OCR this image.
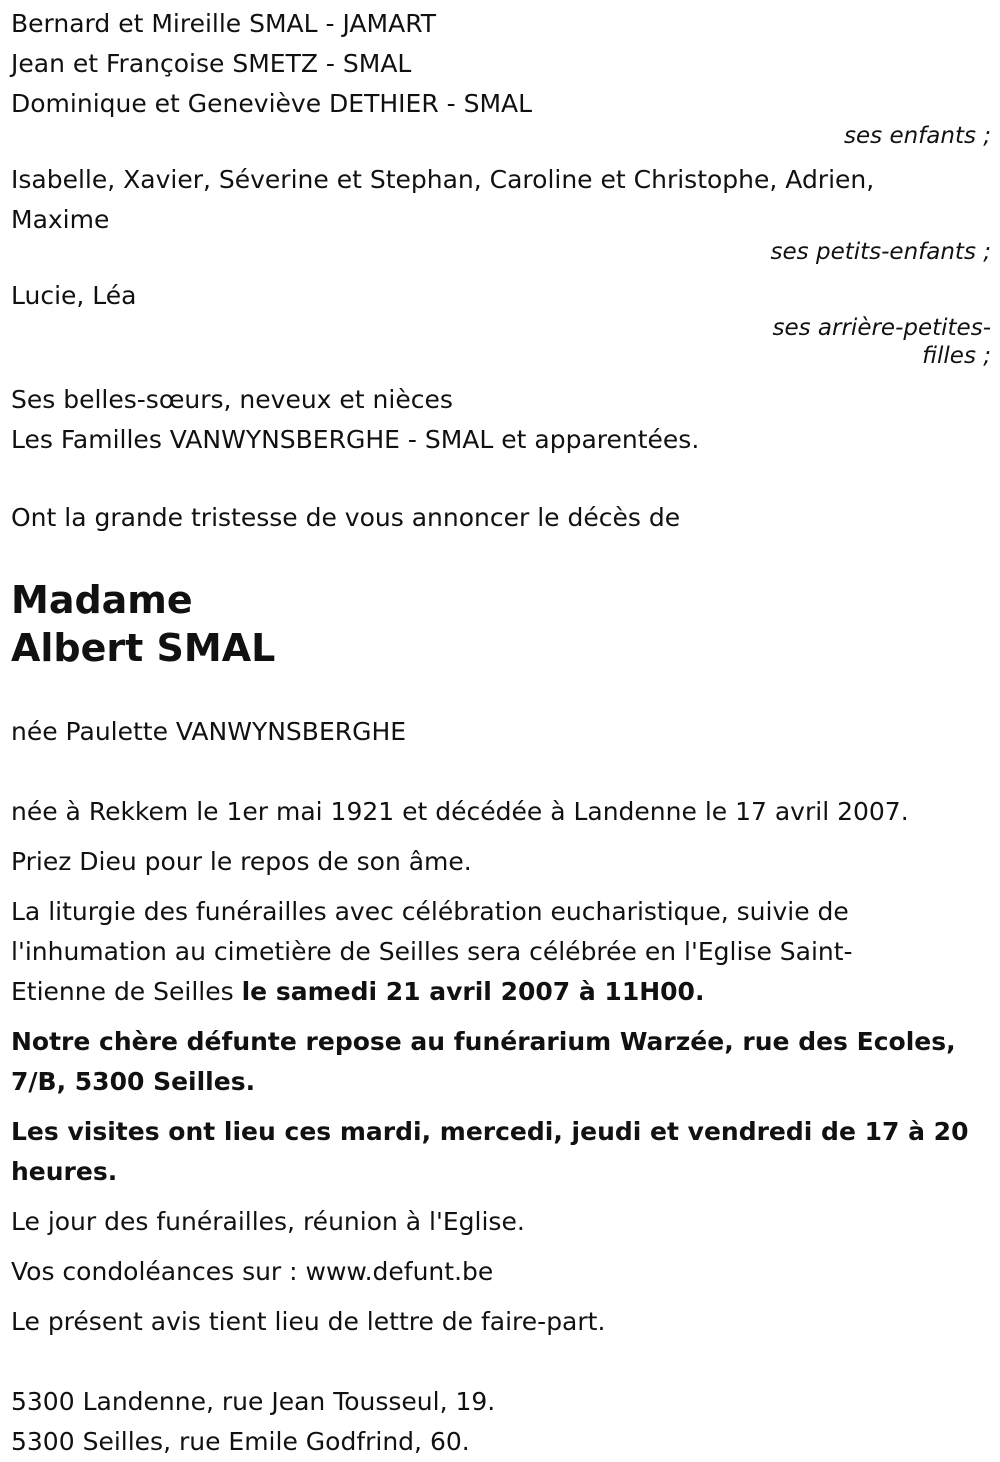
Bernard et Mireille SMAL - JAMART
Jean et Françoise SMETZ - SMAL
Dominique et Geneviève DETHIER - SMAL
ses enfants ;
Isabelle, Xavier, Séverine et Stephan, Caroline et Christophe, Adrien,
Maxime
ses petits-enfants ;
Lucie, Léa
ses arrière-petites-
filles ;
Ses belles-sœurs, neveux et nièces
Les Familles VANWYNSBERGHE - SMAL et apparentées.
Ont la grande tristesse de vous annoncer le décès de
Madame
Albert SMAL
née Paulette VANWYNSBERGHE
née à Rekkem le 1er mai 1921 et décédée à Landenne le 17 avril 2007.
Priez Dieu pour le repos de son âme.
La liturgie des funérailles avec célébration eucharistique, suivie de
l'inhumation au cimetière de Seilles sera célébrée en l'Eglise Saint-
Etienne de Seilles le samedi 21 avril 2007 à 11H00.
Notre chère défunte repose au funérarium Warzée, rue des Ecoles,
7/B, 5300 Seilles.
Les visites ont lieu ces mardi, mercedi, jeudi et vendredi de 17 à 20
heures.
Le jour des funérailles, réunion à l'Eglise.
Vos condoléances sur : www.defunt.be
Le présent avis tient lieu de lettre de faire-part.
5300 Landenne, rue Jean Tousseul, 19.
5300 Seilles, rue Emile Godfrind, 60.
